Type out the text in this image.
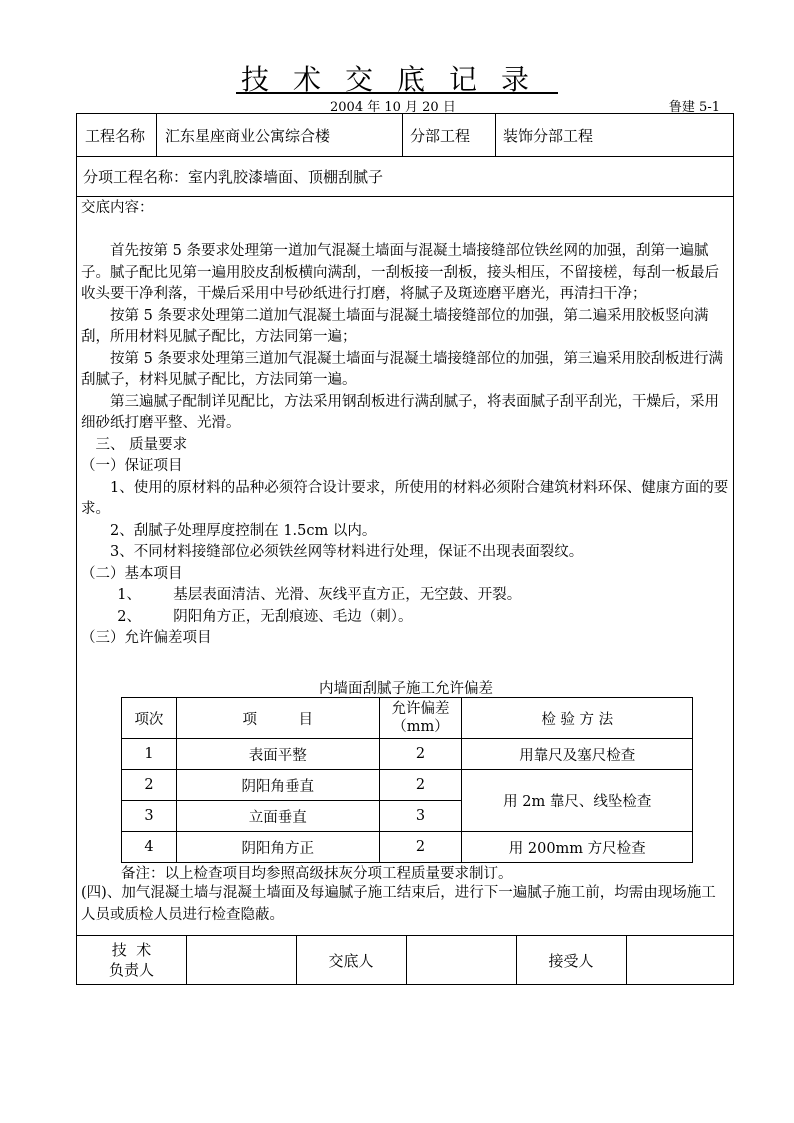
技术交底记录
2004 年 10 月 20 日	鲁建 5-1
工程名称 汇东星座商业公寓综合楼	分部工程 装饰分部工程
分项工程名称：室内乳胶漆墙面、顶棚刮腻子

交底内容：

首先按第 5 条要求处理第一道加气混凝土墙面与混凝土墙接缝部位铁丝网的加强，刮第一遍腻子。腻子配比见第一遍用胶皮刮板横向满刮，一刮板接一刮板，接头相压，不留接槎，每刮一板最后收头要干净利落，干燥后采用中号砂纸进行打磨，将腻子及斑迹磨平磨光，再清扫干净；

按第 5 条要求处理第二道加气混凝土墙面与混凝土墙接缝部位的加强，第二遍采用胶板竖向满刮，所用材料见腻子配比，方法同第一遍；

按第 5 条要求处理第三道加气混凝土墙面与混凝土墙接缝部位的加强，第三遍采用胶刮板进行满刮腻子，材料见腻子配比，方法同第一遍。

第三遍腻子配制详见配比，方法采用钢刮板进行满刮腻子，将表面腻子刮平刮光，干燥后，采用细砂纸打磨平整、光滑。

三、 质量要求

（一）保证项目

1、使用的原材料的品种必须符合设计要求，所使用的材料必须附合建筑材料环保、健康方面的要求。

2、刮腻子处理厚度控制在 1.5cm 以内。

3、不同材料接缝部位必须铁丝网等材料进行处理，保证不出现表面裂纹。

（二）基本项目

1、       基层表面清洁、光滑、灰线平直方正，无空鼓、开裂。

2、       阴阳角方正，无刮痕迹、毛边（刺）。

（三）允许偏差项目

内墙面刮腻子施工允许偏差
项次	项         目	允许偏差（mm）	检 验 方 法
1	表面平整	2	用靠尺及塞尺检查
2	阴阳角垂直	2	用 2m 靠尺、线坠检查
3	立面垂直	3	
4	阴阳角方正	2	用 200mm 方尺检查
备注：以上检查项目均参照高级抹灰分项工程质量要求制订。
(四)、加气混凝土墙与混凝土墙面及每遍腻子施工结束后，进行下一遍腻子施工前，均需由现场施工人员或质检人员进行检查隐蔽。
技  术
负责人	交底人	接受人
